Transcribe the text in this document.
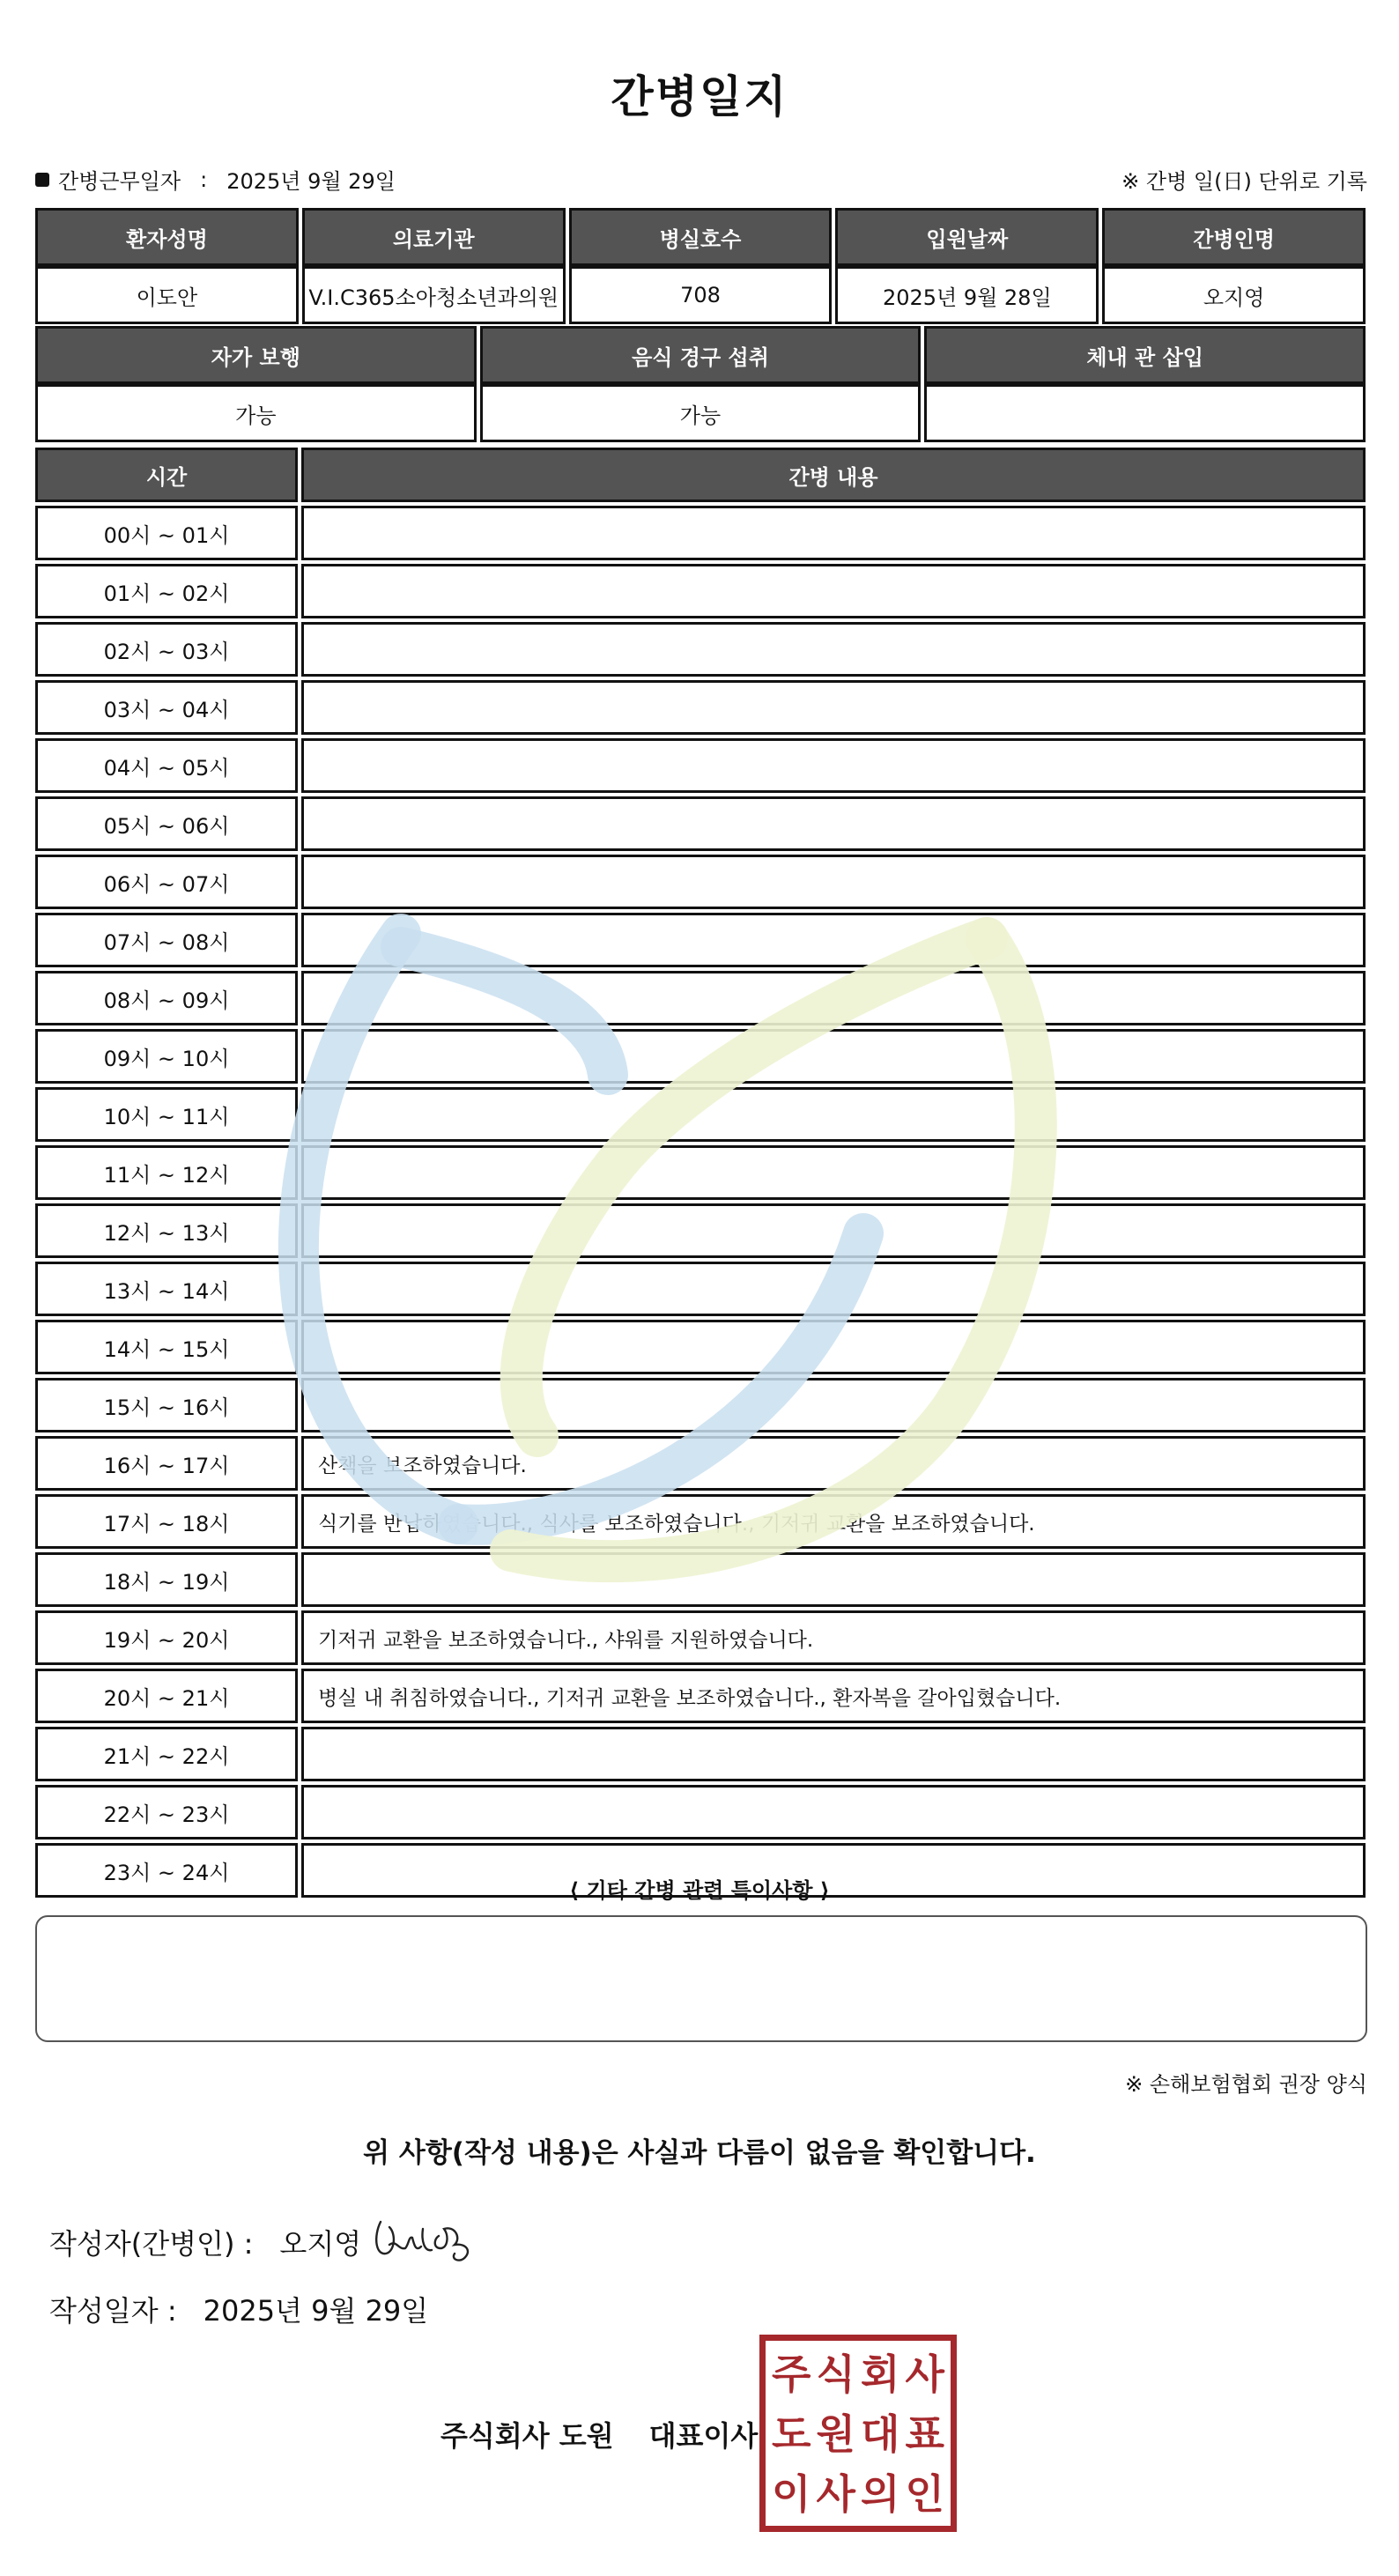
간병일지
간병근무일자 : 2025년 9월 29일	※ 간병 일(日) 단위로 기록
환자성명	의료기관	병실호수	입원날짜	간병인명
이도안	V.I.C365소아청소년과의원	708	2025년 9월 28일	오지영
자가 보행	음식 경구 섭취	체내 관 삽입
가능	가능	
시간	간병 내용
00시 ~ 01시	
01시 ~ 02시	
02시 ~ 03시	
03시 ~ 04시	
04시 ~ 05시	
05시 ~ 06시	
06시 ~ 07시	
07시 ~ 08시	
08시 ~ 09시	
09시 ~ 10시	
10시 ~ 11시	
11시 ~ 12시	
12시 ~ 13시	
13시 ~ 14시	
14시 ~ 15시	
15시 ~ 16시	
16시 ~ 17시	산책을 보조하였습니다.
17시 ~ 18시	식기를 반납하였습니다., 식사를 보조하였습니다., 기저귀 교환을 보조하였습니다.
18시 ~ 19시	
19시 ~ 20시	기저귀 교환을 보조하였습니다., 샤워를 지원하였습니다.
20시 ~ 21시	병실 내 취침하였습니다., 기저귀 교환을 보조하였습니다., 환자복을 갈아입혔습니다.
21시 ~ 22시	
22시 ~ 23시	
23시 ~ 24시	
⟨ 기타 간병 관련 특이사항 ⟩
※ 손해보험협회 권장 양식
위 사항(작성 내용)은 사실과 다름이 없음을 확인합니다.
작성자(간병인) : 오지영
작성일자 : 2025년 9월 29일
주식회사 도원 대표이사
주 식 회 사
도 원 대 표
이 사 의 인
